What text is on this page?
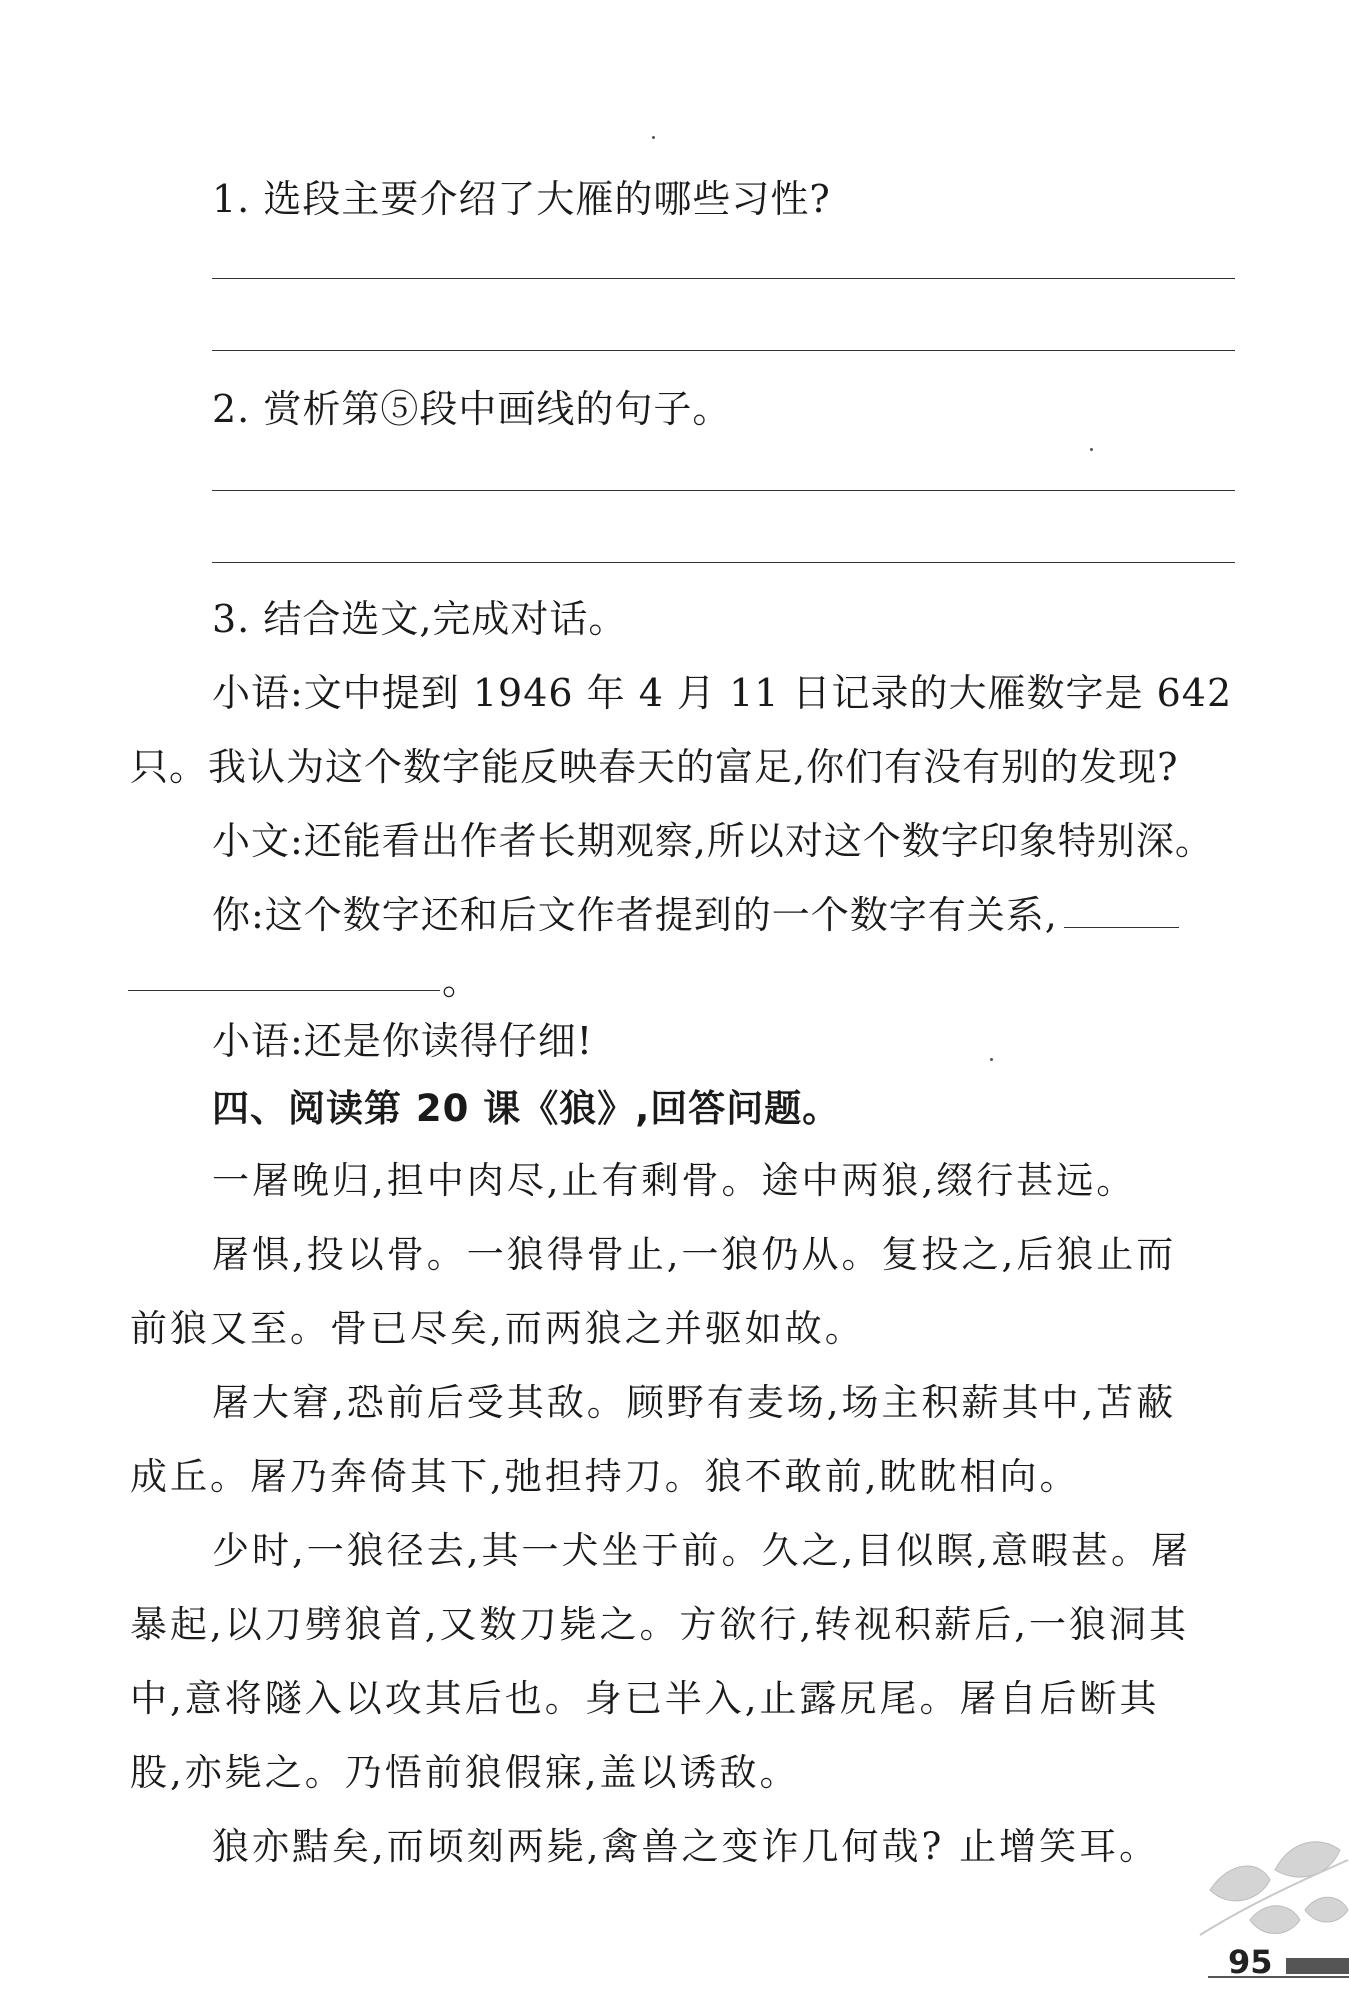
1. 选段主要介绍了大雁的哪些习性?
2. 赏析第⑤段中画线的句子。
3. 结合选文,完成对话。
小语:文中提到 1946 年 4 月 11 日记录的大雁数字是 642
只。我认为这个数字能反映春天的富足,你们有没有别的发现?
小文:还能看出作者长期观察,所以对这个数字印象特别深。
你:这个数字还和后文作者提到的一个数字有关系,
。
小语:还是你读得仔细!
四、阅读第 20 课《狼》,回答问题。
一屠晚归,担中肉尽,止有剩骨。途中两狼,缀行甚远。
屠惧,投以骨。一狼得骨止,一狼仍从。复投之,后狼止而
前狼又至。骨已尽矣,而两狼之并驱如故。
屠大窘,恐前后受其敌。顾野有麦场,场主积薪其中,苫蔽
成丘。屠乃奔倚其下,弛担持刀。狼不敢前,眈眈相向。
少时,一狼径去,其一犬坐于前。久之,目似瞑,意暇甚。屠
暴起,以刀劈狼首,又数刀毙之。方欲行,转视积薪后,一狼洞其
中,意将隧入以攻其后也。身已半入,止露尻尾。屠自后断其
股,亦毙之。乃悟前狼假寐,盖以诱敌。
狼亦黠矣,而顷刻两毙,禽兽之变诈几何哉? 止增笑耳。
95
